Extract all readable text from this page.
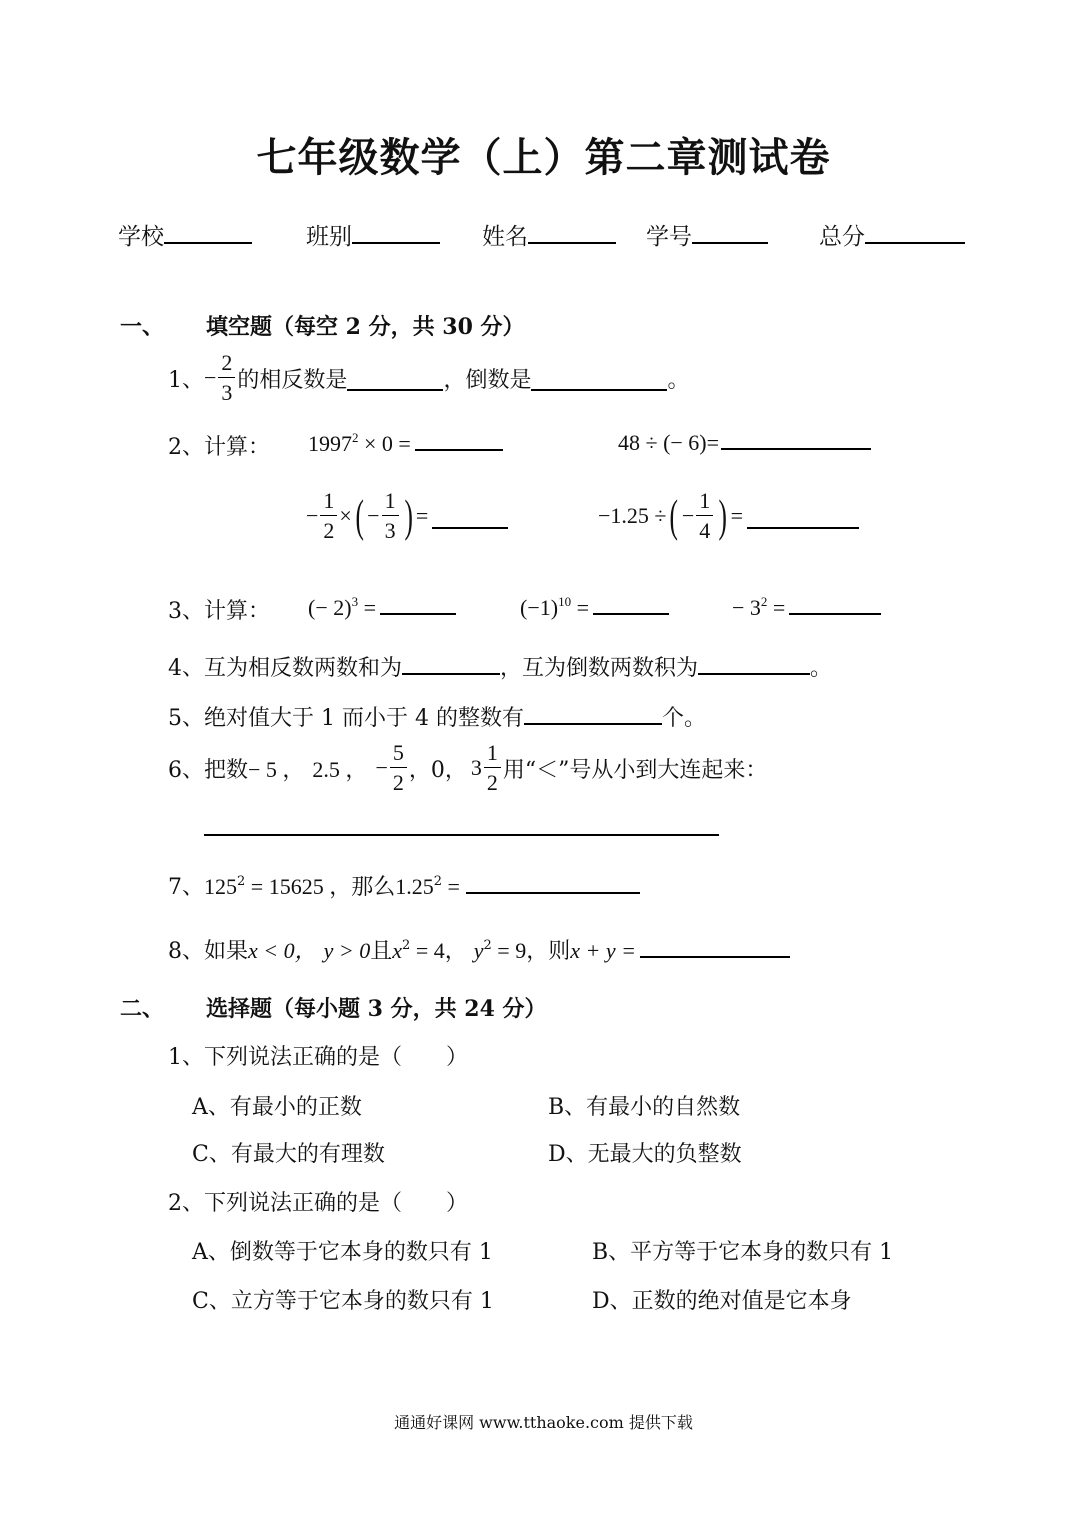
七年级数学（上）第二章测试卷
学校	班别	姓名	学号	总分
一、 填空题（每空 2 分，共 30 分）
1、 − $\frac{2}{3}$ 的相反数是	，倒数是	。
2、计算： $1997^2 \times 0$ =	48 ÷ (− 6)=
− $\frac{1}{2}$ × ( − $\frac{1}{3}$ ) =	−1.25 ÷ ( − $\frac{1}{4}$ ) =
3、计算： (− 2)$^3$ =	$(-1)^{10}$ =	− $3^2$ =
4、互为相反数两数和为	，互为倒数两数积为	。
5、绝对值大于 1 而小于 4 的整数有	个。
6、把数 − 5 ， 2.5 ， − $\frac{5}{2}$ ，0， $3 \frac{1}{2}$ 用“＜”号从小到大连起来：
7、$125^2 = 15625$ ，那么$1.25^2$ =
8、如果x < 0， y > 0且$x^2 = 4$， $y^2 = 9$，则x + y =
二、 选择题（每小题 3 分，共 24 分）
1、下列说法正确的是（　　）
A、有最小的正数	B、有最小的自然数
C、有最大的有理数	D、无最大的负整数
2、下列说法正确的是（　　）
A、倒数等于它本身的数只有 1	B、平方等于它本身的数只有 1
C、立方等于它本身的数只有 1	D、正数的绝对值是它本身
通通好课网 www.tthaoke.com 提供下载
